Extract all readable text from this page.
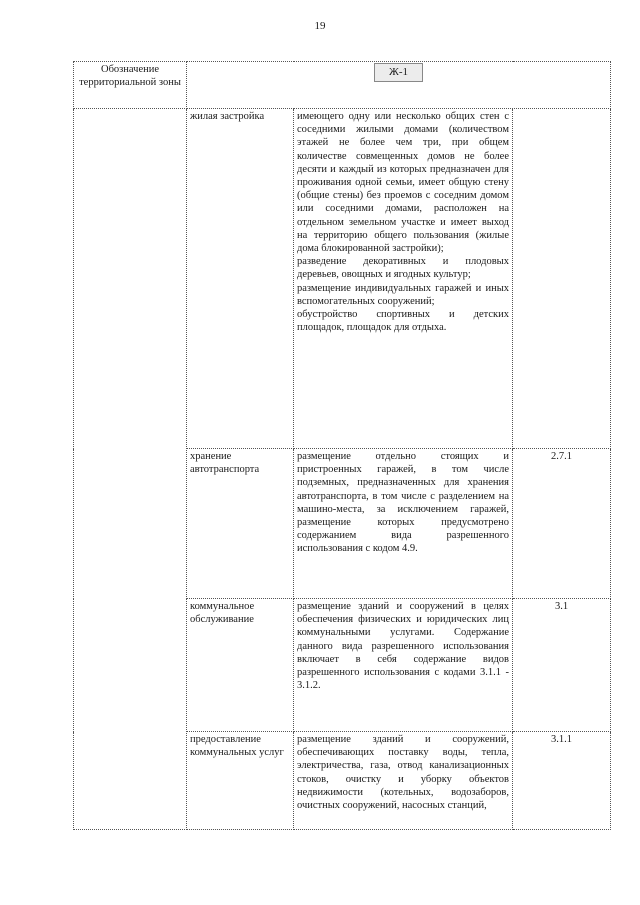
19
Обозначение территориальной зоны	Ж-1		
	жилая застройка	имеющего одну или несколько общих стен с соседними жилыми домами (количеством этажей не более чем три, при общем количестве совмещенных домов не более десяти и каждый из которых предназначен для проживания одной семьи, имеет общую стену (общие стены) без проемов с соседним домом или соседними домами, расположен на отдельном земельном участке и имеет выход на территорию общего пользования (жилые дома блокированной застройки);
разведение декоративных и плодовых деревьев, овощных и ягодных культур;
размещение индивидуальных гаражей и иных вспомогательных сооружений;
обустройство спортивных и детских площадок, площадок для отдыха.	

	хранение автотранспорта	размещение отдельно стоящих и пристроенных гаражей, в том числе подземных, предназначенных для хранения автотранспорта, в том числе с разделением на машино-места, за исключением гаражей, размещение которых предусмотрено содержанием вида разрешенного использования с кодом 4.9.	2.7.1
	коммунальное обслуживание	размещение зданий и сооружений в целях обеспечения физических и юридических лиц коммунальными услугами. Содержание данного вида разрешенного использования включает в себя содержание видов разрешенного использования с кодами 3.1.1 - 3.1.2.	3.1
	предоставление коммунальных услуг	размещение зданий и сооружений, обеспечивающих поставку воды, тепла, электричества, газа, отвод канализационных стоков, очистку и уборку объектов недвижимости (котельных, водозаборов, очистных сооружений, насосных станций,	3.1.1
